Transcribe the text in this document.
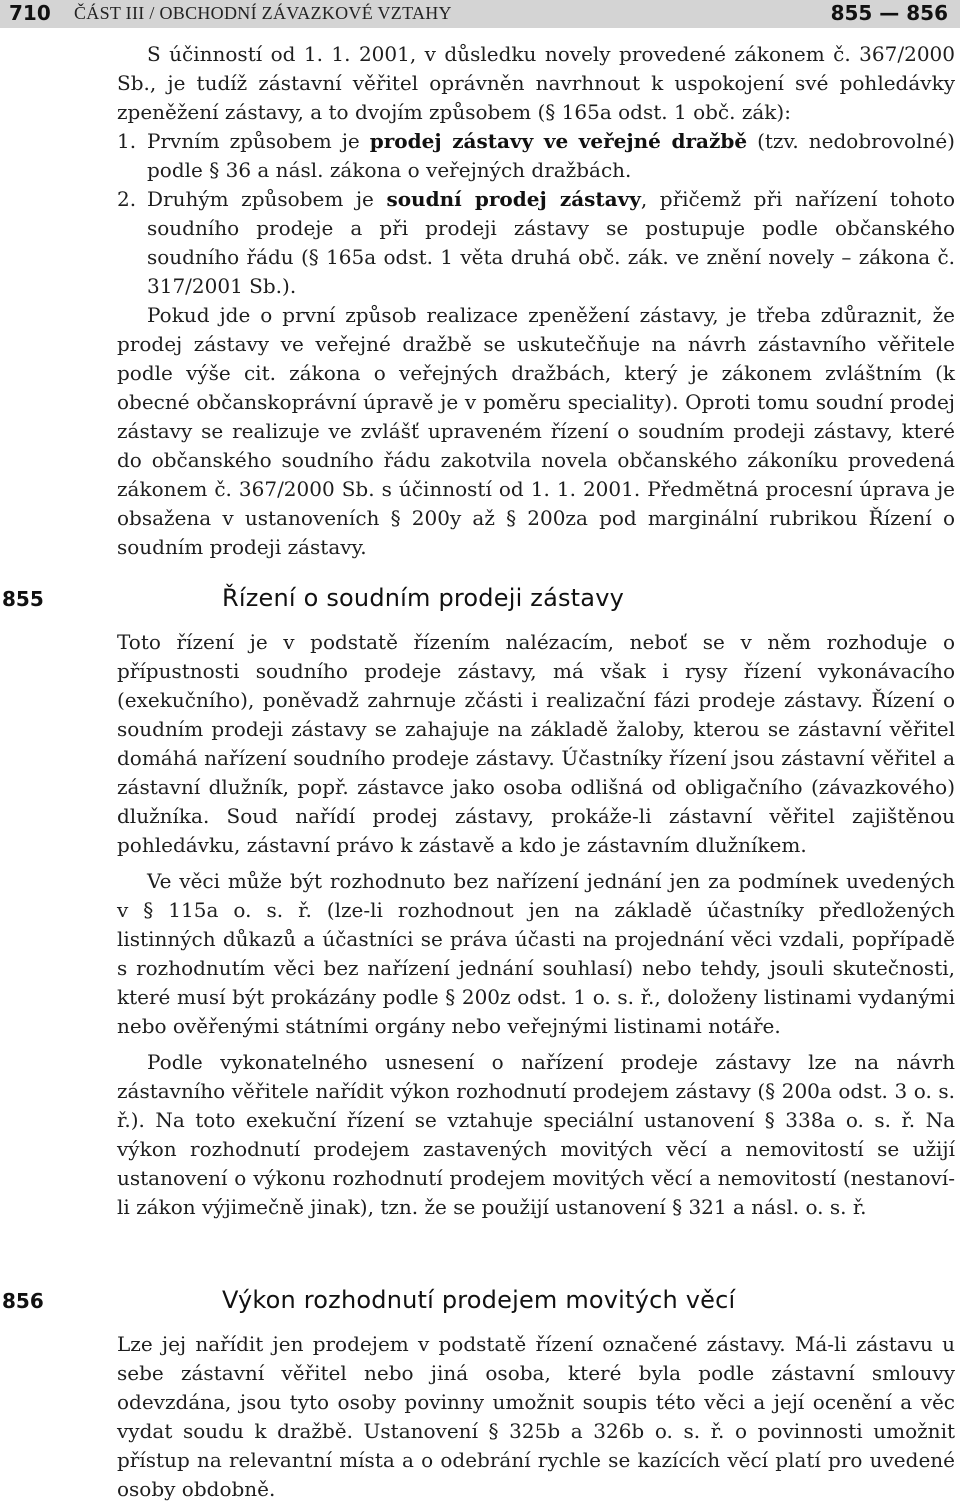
710 ČÁST III / OBCHODNÍ ZÁVAZKOVÉ VZTAHY	855 — 856

S účinností od 1. 1. 2001, v důsledku novely provedené zákonem č. 367/2000 Sb., je tudíž zástavní věřitel oprávněn navrhnout k uspokojení své pohledávky zpeněžení zástavy, a to dvojím způsobem (§ 165a odst. 1 obč. zák):

1. Prvním způsobem je prodej zástavy ve veřejné dražbě (tzv. nedobrovolné) podle § 36 a násl. zákona o veřejných dražbách.

2. Druhým způsobem je soudní prodej zástavy, přičemž při nařízení tohoto soudního prodeje a při prodeji zástavy se postupuje podle občanského soudního řádu (§ 165a odst. 1 věta druhá obč. zák. ve znění novely – zákona č. 317/2001 Sb.).

Pokud jde o první způsob realizace zpeněžení zástavy, je třeba zdůraznit, že prodej zástavy ve veřejné dražbě se uskutečňuje na návrh zástavního věřitele podle výše cit. zákona o veřejných dražbách, který je zákonem zvláštním (k obecné občanskoprávní úpravě je v poměru speciality). Oproti tomu soudní prodej zástavy se realizuje ve zvlášť upraveném řízení o soudním prodeji zástavy, které do občanského soudního řádu zakotvila novela občanského zákoníku provedená zákonem č. 367/2000 Sb. s účinností od 1. 1. 2001. Předmětná procesní úprava je obsažena v ustanoveních § 200y až § 200za pod marginální rubrikou Řízení o soudním prodeji zástavy.

855	Řízení o soudním prodeji zástavy

Toto řízení je v podstatě řízením nalézacím, neboť se v něm rozhoduje o přípustnosti soudního prodeje zástavy, má však i rysy řízení vykonávacího (exekučního), poněvadž zahrnuje zčásti i realizační fázi prodeje zástavy. Řízení o soudním prodeji zástavy se zahajuje na základě žaloby, kterou se zástavní věřitel domáhá nařízení soudního prodeje zástavy. Účastníky řízení jsou zástavní věřitel a zástavní dlužník, popř. zástavce jako osoba odlišná od obligačního (závazkového) dlužníka. Soud nařídí prodej zástavy, prokáže-li zástavní věřitel zajištěnou pohledávku, zástavní právo k zástavě a kdo je zástavním dlužníkem.

Ve věci může být rozhodnuto bez nařízení jednání jen za podmínek uvedených v § 115a o. s. ř. (lze-li rozhodnout jen na základě účastníky předložených listinných důkazů a účastníci se práva účasti na projednání věci vzdali, popřípadě s rozhodnutím věci bez nařízení jednání souhlasí) nebo tehdy, jsouli skutečnosti, které musí být prokázány podle § 200z odst. 1 o. s. ř., doloženy listinami vydanými nebo ověřenými státními orgány nebo veřejnými listinami notáře.

Podle vykonatelného usnesení o nařízení prodeje zástavy lze na návrh zástavního věřitele nařídit výkon rozhodnutí prodejem zástavy (§ 200a odst. 3 o. s. ř.). Na toto exekuční řízení se vztahuje speciální ustanovení § 338a o. s. ř. Na výkon rozhodnutí prodejem zastavených movitých věcí a nemovitostí se užijí ustanovení o výkonu rozhodnutí prodejem movitých věcí a nemovitostí (nestanoví-li zákon výjimečně jinak), tzn. že se použijí ustanovení § 321 a násl. o. s. ř.

856	Výkon rozhodnutí prodejem movitých věcí

Lze jej nařídit jen prodejem v podstatě řízení označené zástavy. Má-li zástavu u sebe zástavní věřitel nebo jiná osoba, které byla podle zástavní smlouvy odevzdána, jsou tyto osoby povinny umožnit soupis této věci a její ocenění a věc vydat soudu k dražbě. Ustanovení § 325b a 326b o. s. ř. o povinnosti umožnit přístup na relevantní místa a o odebrání rychle se kazících věcí platí pro uvedené osoby obdobně.
